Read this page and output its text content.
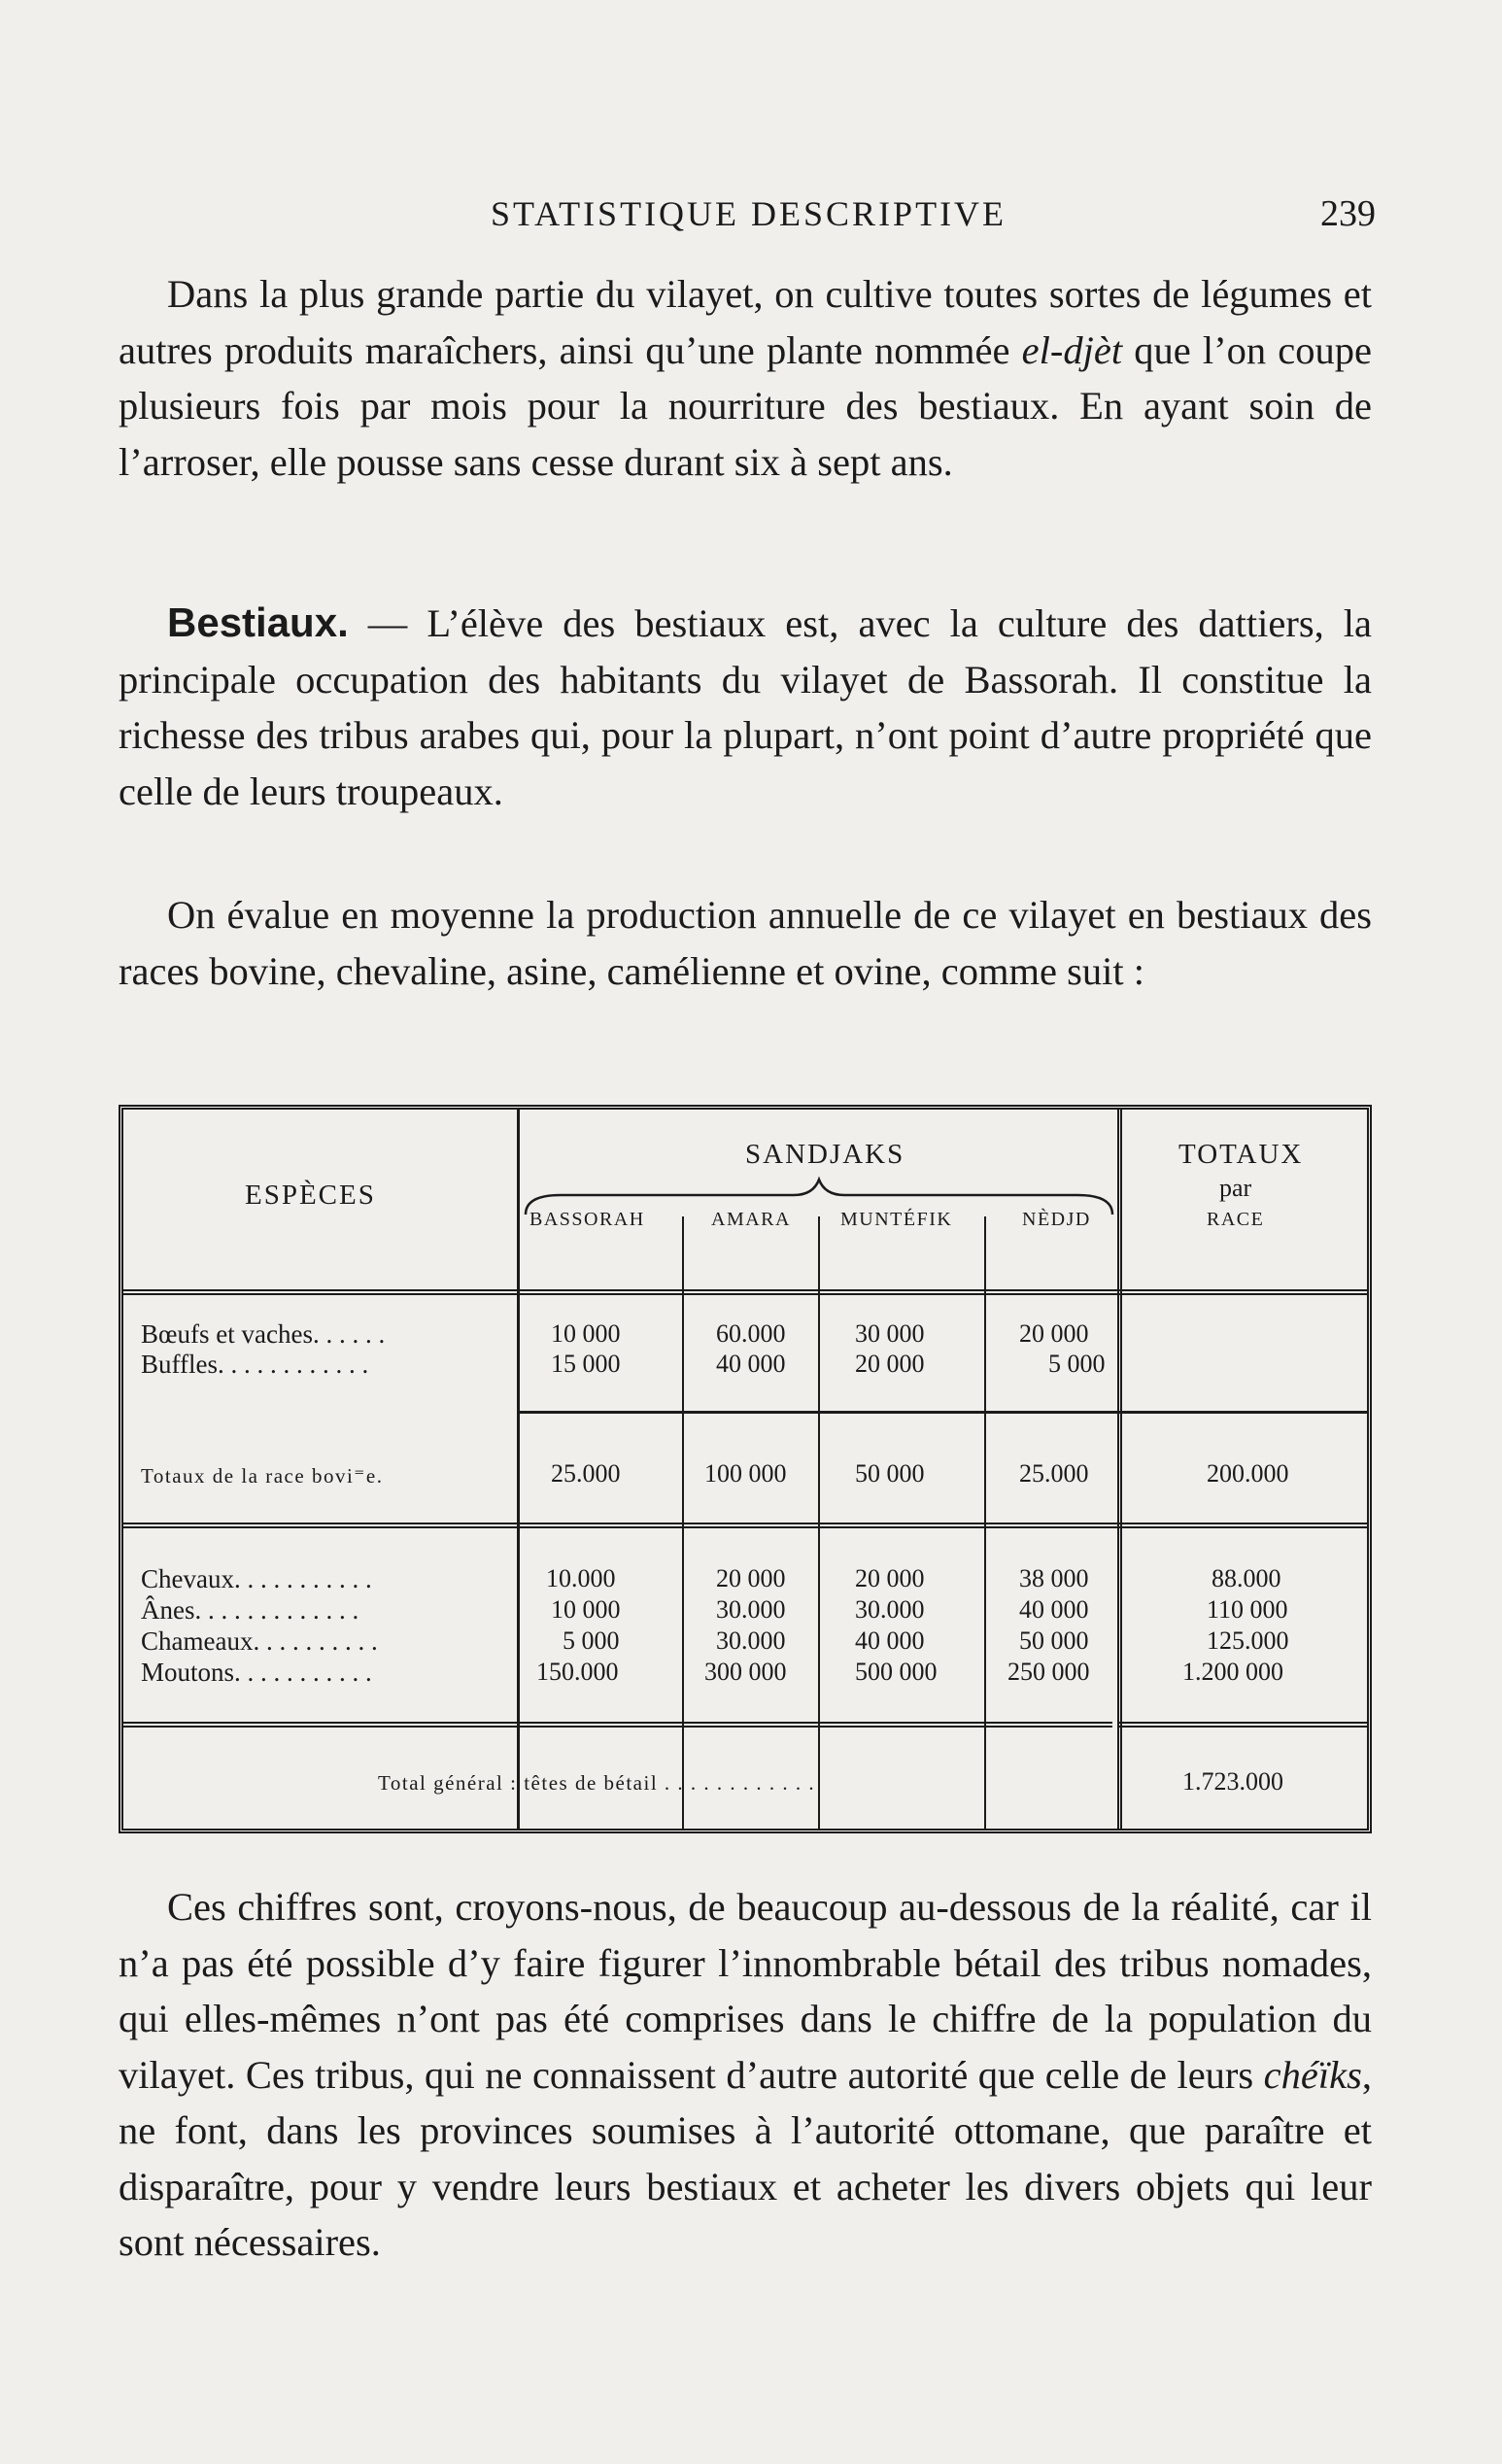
STATISTIQUE DESCRIPTIVE	239

Dans la plus grande partie du vilayet, on cultive toutes sortes de légumes et autres produits maraîchers, ainsi qu’une plante nommée el-djèt que l’on coupe plusieurs fois par mois pour la nourriture des bestiaux. En ayant soin de l’arroser, elle pousse sans cesse durant six à sept ans.

Bestiaux. — L’élève des bestiaux est, avec la culture des dattiers, la principale occupation des habitants du vilayet de Bassorah. Il constitue la richesse des tribus arabes qui, pour la plupart, n’ont point d’autre propriété que celle de leurs troupeaux.

On évalue en moyenne la production annuelle de ce vilayet en bestiaux des races bovine, chevaline, asine, camélienne et ovine, comme suit :

ESPÈCES
SANDJAKS	TOTAUX
par
RACE
BASSORAH	AMARA	MUNTÉFIK	NÈDJD
Bœufs et vaches. . . . . .	10 000	60.000	30 000	20 000
Buffles. . . . . . . . . . . .	15 000	40 000	20 000	5 000
Totaux de la race bovi⁼e.	25.000	100 000	50 000	25.000	200.000
Chevaux. . . . . . . . . . .	10.000	20 000	20 000	38 000	88.000
Ânes. . . . . . . . . . . . .	10 000	30.000	30.000	40 000	110 000
Chameaux. . . . . . . . . .	5 000	30.000	40 000	50 000	125.000
Moutons. . . . . . . . . . .	150.000	300 000	500 000	250 000	1.200 000
Total général : têtes de bétail . . . . . . . . . . . .	1.723.000

Ces chiffres sont, croyons-nous, de beaucoup au-dessous de la réalité, car il n’a pas été possible d’y faire figurer l’innombrable bétail des tribus nomades, qui elles-mêmes n’ont pas été comprises dans le chiffre de la population du vilayet. Ces tribus, qui ne connaissent d’autre autorité que celle de leurs chéïks, ne font, dans les provinces soumises à l’autorité ottomane, que paraître et disparaître, pour y vendre leurs bestiaux et acheter les divers objets qui leur sont nécessaires.
